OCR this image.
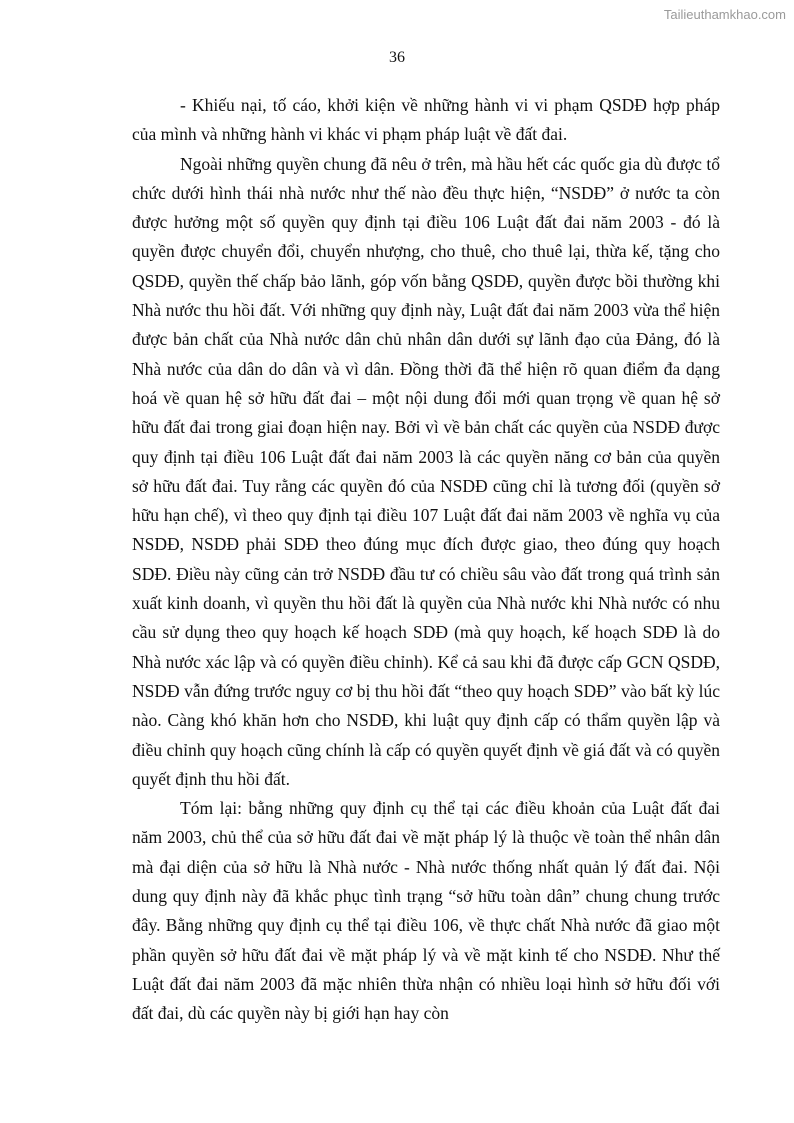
Tailieuthamkhao.com
36

- Khiếu nại, tố cáo, khởi kiện về những hành vi vi phạm QSDĐ hợp pháp của mình và những hành vi khác vi phạm pháp luật về đất đai.

Ngoài những quyền chung đã nêu ở trên, mà hầu hết các quốc gia dù được tổ chức dưới hình thái nhà nước như thế nào đều thực hiện, “NSDĐ” ở nước ta còn được hưởng một số quyền quy định tại điều 106 Luật đất đai năm 2003 - đó là quyền được chuyển đổi, chuyển nhượng, cho thuê, cho thuê lại, thừa kế, tặng cho QSDĐ, quyền thế chấp bảo lãnh, góp vốn bằng QSDĐ, quyền được bồi thường khi Nhà nước thu hồi đất. Với những quy định này, Luật đất đai năm 2003 vừa thể hiện được bản chất của Nhà nước dân chủ nhân dân dưới sự lãnh đạo của Đảng, đó là Nhà nước của dân do dân và vì dân. Đồng thời đã thể hiện rõ quan điểm đa dạng hoá về quan hệ sở hữu đất đai – một nội dung đổi mới quan trọng về quan hệ sở hữu đất đai trong giai đoạn hiện nay. Bởi vì về bản chất các quyền của NSDĐ được quy định tại điều 106 Luật đất đai năm 2003 là các quyền năng cơ bản của quyền sở hữu đất đai. Tuy rằng các quyền đó của NSDĐ cũng chỉ là tương đối (quyền sở hữu hạn chế), vì theo quy định tại điều 107 Luật đất đai năm 2003 về nghĩa vụ của NSDĐ, NSDĐ phải SDĐ theo đúng mục đích được giao, theo đúng quy hoạch SDĐ. Điều này cũng cản trở NSDĐ đầu tư có chiều sâu vào đất trong quá trình sản xuất kinh doanh, vì quyền thu hồi đất là quyền của Nhà nước khi Nhà nước có nhu cầu sử dụng theo quy hoạch kế hoạch SDĐ (mà quy hoạch, kế hoạch SDĐ là do Nhà nước xác lập và có quyền điều chỉnh). Kể cả sau khi đã được cấp GCN QSDĐ, NSDĐ vẫn đứng trước nguy cơ bị thu hồi đất “theo quy hoạch SDĐ” vào bất kỳ lúc nào. Càng khó khăn hơn cho NSDĐ, khi luật quy định cấp có thẩm quyền lập và điều chỉnh quy hoạch cũng chính là cấp có quyền quyết định về giá đất và có quyền quyết định thu hồi đất.

Tóm lại: bằng những quy định cụ thể tại các điều khoản của Luật đất đai năm 2003, chủ thể của sở hữu đất đai về mặt pháp lý là thuộc về toàn thể nhân dân mà đại diện của sở hữu là Nhà nước - Nhà nước thống nhất quản lý đất đai. Nội dung quy định này đã khắc phục tình trạng “sở hữu toàn dân” chung chung trước đây. Bằng những quy định cụ thể tại điều 106, về thực chất Nhà nước đã giao một phần quyền sở hữu đất đai về mặt pháp lý và về mặt kinh tế cho NSDĐ. Như thế Luật đất đai năm 2003 đã mặc nhiên thừa nhận có nhiều loại hình sở hữu đối với đất đai, dù các quyền này bị giới hạn hay còn
